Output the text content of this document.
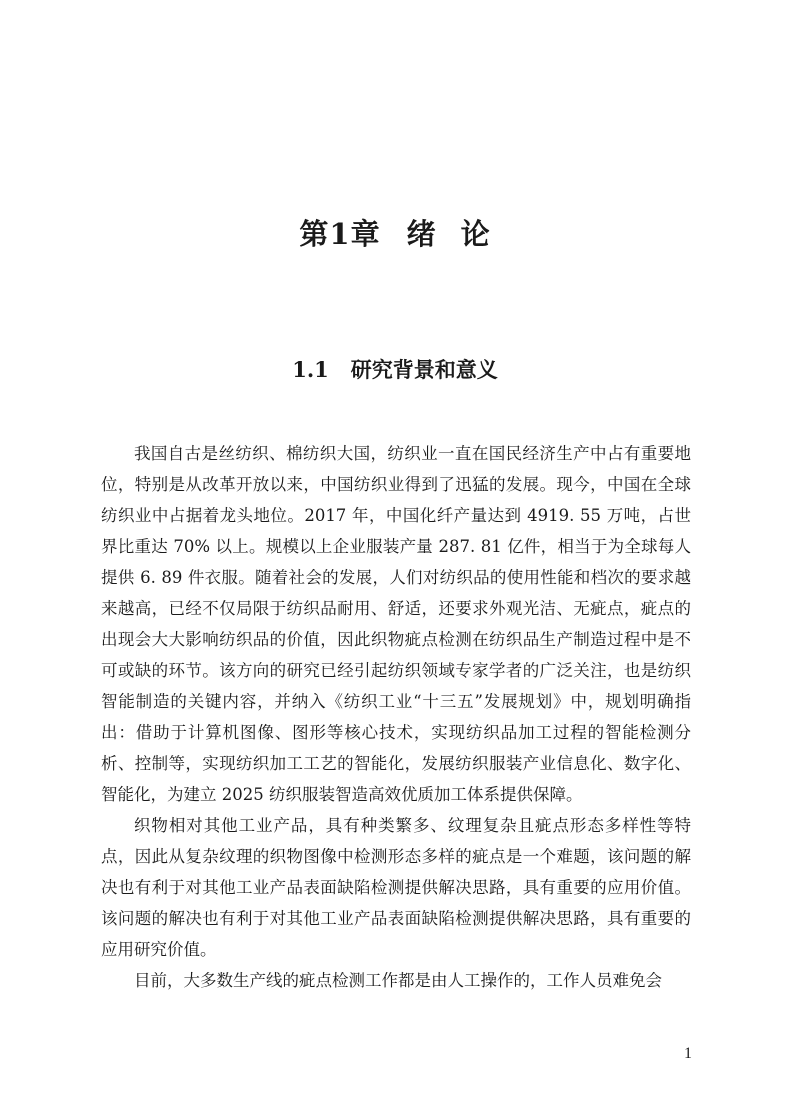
第1章 绪 论
1.1 研究背景和意义

我国自古是丝纺织、棉纺织大国，纺织业一直在国民经济生产中占有重要地位，特别是从改革开放以来，中国纺织业得到了迅猛的发展。现今，中国在全球纺织业中占据着龙头地位。2017 年，中国化纤产量达到 4919. 55 万吨，占世界比重达 70% 以上。规模以上企业服装产量 287. 81 亿件，相当于为全球每人提供 6. 89 件衣服。随着社会的发展，人们对纺织品的使用性能和档次的要求越来越高，已经不仅局限于纺织品耐用、舒适，还要求外观光洁、无疵点，疵点的出现会大大影响纺织品的价值，因此织物疵点检测在纺织品生产制造过程中是不可或缺的环节。该方向的研究已经引起纺织领域专家学者的广泛关注，也是纺织智能制造的关键内容，并纳入《纺织工业“十三五”发展规划》中，规划明确指出：借助于计算机图像、图形等核心技术，实现纺织品加工过程的智能检测分析、控制等，实现纺织加工工艺的智能化，发展纺织服装产业信息化、数字化、智能化，为建立 2025 纺织服装智造高效优质加工体系提供保障。

织物相对其他工业产品，具有种类繁多、纹理复杂且疵点形态多样性等特点，因此从复杂纹理的织物图像中检测形态多样的疵点是一个难题，该问题的解决也有利于对其他工业产品表面缺陷检测提供解决思路，具有重要的应用价值。该问题的解决也有利于对其他工业产品表面缺陷检测提供解决思路，具有重要的应用研究价值。

目前，大多数生产线的疵点检测工作都是由人工操作的，工作人员难免会

1
